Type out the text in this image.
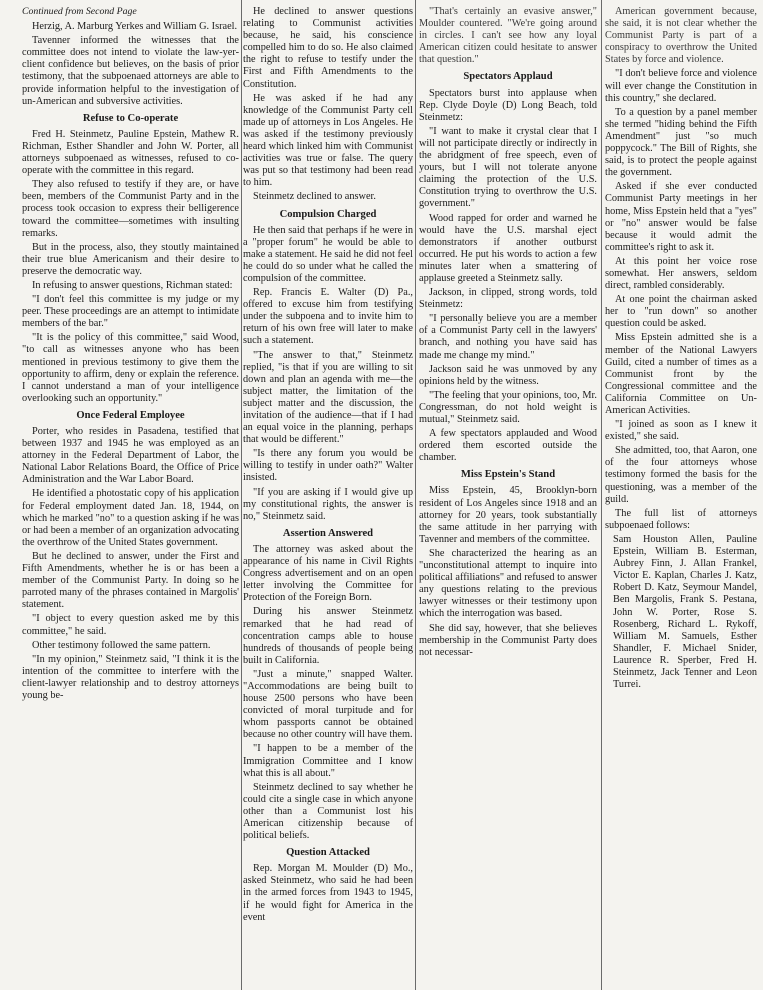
Continued from Second Page

Herzig, A. Marburg Yerkes and William G. Israel.

Tavenner informed the witnesses that the committee does not intend to violate the law-yer-client confidence but believes, on the basis of prior testimony, that the subpoenaed attorneys are able to provide information helpful to the investigation of un-American and subversive activities.

Refuse to Co-operate

Fred H. Steinmetz, Pauline Epstein, Mathew R. Richman, Esther Shandler and John W. Porter, all attorneys subpoenaed as witnesses, refused to co-operate with the committee in this regard.

They also refused to testify if they are, or have been, members of the Communist Party and in the process took occasion to express their belligerence toward the committee—sometimes with insulting remarks.

But in the process, also, they stoutly maintained their true blue Americanism and their desire to preserve the democratic way.

In refusing to answer questions, Richman stated:

"I don't feel this committee is my judge or my peer. These proceedings are an attempt to intimidate members of the bar."

"It is the policy of this committee," said Wood, "to call as witnesses anyone who has been mentioned in previous testimony to give them the opportunity to affirm, deny or explain the reference. I cannot understand a man of your intelligence overlooking such an opportunity."

Once Federal Employee

Porter, who resides in Pasadena, testified that between 1937 and 1945 he was employed as an attorney in the Federal Department of Labor, the National Labor Relations Board, the Office of Price Administration and the War Labor Board.

He identified a photostatic copy of his application for Federal employment dated Jan. 18, 1944, on which he marked "no" to a question asking if he was or had been a member of an organization advocating the overthrow of the United States government.

But he declined to answer, under the First and Fifth Amendments, whether he is or has been a member of the Communist Party. In doing so he parroted many of the phrases contained in Margolis' statement.

"I object to every question asked me by this committee," he said.

Other testimony followed the same pattern.

"In my opinion," Steinmetz said, "I think it is the intention of the committee to interfere with the client-lawyer relationship and to destroy attorneys young be-

He declined to answer questions relating to Communist activities because, he said, his conscience compelled him to do so. He also claimed the right to refuse to testify under the First and Fifth Amendments to the Constitution.

He was asked if he had any knowledge of the Communist Party cell made up of attorneys in Los Angeles. He was asked if the testimony previously heard which linked him with Communist activities was true or false. The query was put so that testimony had been read to him.

Steinmetz declined to answer.

Compulsion Charged

He then said that perhaps if he were in a "proper forum" he would be able to make a statement. He said he did not feel he could do so under what he called the compulsion of the committee.

Rep. Francis E. Walter (D) Pa., offered to excuse him from testifying under the subpoena and to invite him to return of his own free will later to make such a statement.

"The answer to that," Steinmetz replied, "is that if you are willing to sit down and plan an agenda with me—the subject matter, the limitation of the subject matter and the discussion, the invitation of the audience—that if I had an equal voice in the planning, perhaps that would be different."

"Is there any forum you would be willing to testify in under oath?" Walter insisted.

"If you are asking if I would give up my constitutional rights, the answer is no," Steinmetz said.

Assertion Answered

The attorney was asked about the appearance of his name in Civil Rights Congress advertisement and on an open letter involving the Committee for Protection of the Foreign Born.

During his answer Steinmetz remarked that he had read of concentration camps able to house hundreds of thousands of people being built in California.

"Just a minute," snapped Walter. "Accommodations are being built to house 2500 persons who have been convicted of moral turpitude and for whom passports cannot be obtained because no other country will have them.

"I happen to be a member of the Immigration Committee and I know what this is all about."

Steinmetz declined to say whether he could cite a single case in which anyone other than a Communist lost his American citizenship because of political beliefs.

Question Attacked

Rep. Morgan M. Moulder (D) Mo., asked Steinmetz, who said he had been in the armed forces from 1943 to 1945, if he would fight for America in the event

"That's certainly an evasive answer," Moulder countered. "We're going around in circles. I can't see how any loyal American citizen could hesitate to answer that question."

Spectators Applaud

Spectators burst into applause when Rep. Clyde Doyle (D) Long Beach, told Steinmetz:

"I want to make it crystal clear that I will not participate directly or indirectly in the abridgment of free speech, even of yours, but I will not tolerate anyone claiming the protection of the U.S. Constitution trying to overthrow the U.S. government."

Wood rapped for order and warned he would have the U.S. marshal eject demonstrators if another outburst occurred. He put his words to action a few minutes later when a smattering of applause greeted a Steinmetz sally.

Jackson, in clipped, strong words, told Steinmetz:

"I personally believe you are a member of a Communist Party cell in the lawyers' branch, and nothing you have said has made me change my mind."

Jackson said he was unmoved by any opinions held by the witness.

"The feeling that your opinions, too, Mr. Congressman, do not hold weight is mutual," Steinmetz said.

A few spectators applauded and Wood ordered them escorted outside the chamber.

Miss Epstein's Stand

Miss Epstein, 45, Brooklyn-born resident of Los Angeles since 1918 and an attorney for 20 years, took substantially the same attitude in her parrying with Tavenner and members of the committee.

She characterized the hearing as an "unconstitutional attempt to inquire into political affiliations" and refused to answer any questions relating to the previous lawyer witnesses or their testimony upon which the interrogation was based.

She did say, however, that she believes membership in the Communist Party does not necessar-

American government because, she said, it is not clear whether the Communist Party is part of a conspiracy to overthrow the United States by force and violence.

"I don't believe force and violence will ever change the Constitution in this country," she declared.

To a question by a panel member she termed "hiding behind the Fifth Amendment" just "so much poppycock." The Bill of Rights, she said, is to protect the people against the government.

Asked if she ever conducted Communist Party meetings in her home, Miss Epstein held that a "yes" or "no" answer would be false because it would admit the committee's right to ask it.

At this point her voice rose somewhat. Her answers, seldom direct, rambled considerably.

At one point the chairman asked her to "run down" so another question could be asked.

Miss Epstein admitted she is a member of the National Lawyers Guild, cited a number of times as a Communist front by the Congressional committee and the California Committee on Un-American Activities.

"I joined as soon as I knew it existed," she said.

She admitted, too, that Aaron, one of the four attorneys whose testimony formed the basis for the questioning, was a member of the guild.

The full list of attorneys subpoenaed follows:

Sam Houston Allen, Pauline Epstein, William B. Esterman, Aubrey Finn, J. Allan Frankel, Victor E. Kaplan, Charles J. Katz, Robert D. Katz, Seymour Mandel, Ben Margolis, Frank S. Pestana, John W. Porter, Rose S. Rosenberg, Richard L. Rykoff, William M. Samuels, Esther Shandler, F. Michael Snider, Laurence R. Sperber, Fred H. Steinmetz, Jack Tenner and Leon Turrei.
